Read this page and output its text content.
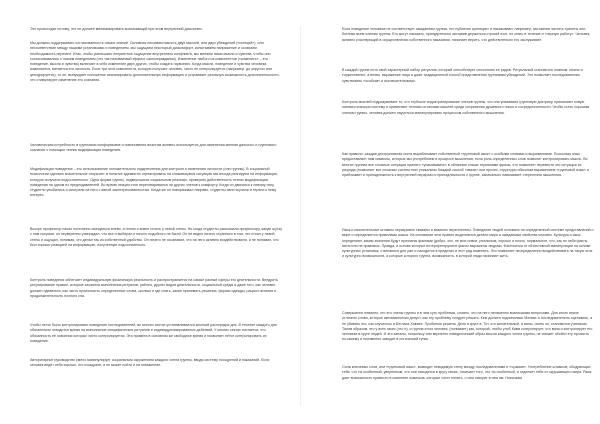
Это происходит потому, что он должен минимизировать возникающий при этом внутренний диссонанс.

Мы должны поддерживать согласованность наших знаний. Основная несовместимость двух мыслей, или двух убеждений («когнций»), или несоответствие между нашими установками и поведением, мы ощущаем некоторый дискомфорт, испытываем напряжение и осознаем необходимость перемен. Итак, чтобы уменьшить неприятное ощущение внутреннего конфликта, мы меняем наши мысли и чувства, чтобы они согласовывались с нашим поведением (что так называемый эффект самооправдания). Изменение любого из компонентов («изменить» – это поведение, мысли и чувства) включает в себя изменение двух других, чтобы создать гармонию. Когда мысли, поведение и чувства человека изменяются, меняется его личность. Если три этих компонента, которую получает человек, чисто не контролируется (например, до упругого или цензурируется), то он, вынуждает положение анализировать дополнительную информацию и устраивает реальную возможность дополнительности, что стимулирует изменение его сознания.

Человеческая потребность в групповом конформизме и повиновении властям активно используется для изменения мнения дального и группового сознания с помощью техник модификации поведения.

Модификация поведения – это использование положительного подкрепления для контроля и изменения личности (или группы). В социальной психологии сделано значительное открытие: в попытке адекватно отреагировать на сложившуюся ситуацию мы иногда реагируем на информацию, которую получили подсознательно. Одна форма группы, подвергшихся социальным реалиям, проверить действенность техник модификации поведения на одном из предподавателей. Во время лекции стоя переговаривался ли других членов к комфорту. Когда он двигался к левому окну, студенты улыбались и смотрели на него с явной заинтересованностью. Когда же он поворачивал направо, студенты явно скучали и теряли к нему интерес.

Вскоре профессор начал постоянно смещаться влево, а потом и вовсе стоять у левой стены. Но когда студенты рассказали профессору, какую шутку с ним сыграли, он неуверенно утверждал, что все и выбирал и ничего подобного не было! Он не видел ничего странного в том, что стоял у левой стены и ощущал, понимая, что делал так из собственной удобство. Он ничего не осознавал, что на него активно воздействовали, и не понимал, что был хорошо реакцией на информацию, полученную подсознательно.

Контроль поведения облегчает индивидуальную физическую реальность и распространяется на самые разные сферы его деятельности. Внедрить регулирование правил, которые касаются выполнения ритуалов, работы, других видов деятельности, социальной среды и даже того, как человек должен одеваться, как часто произносить определенные слова, сколько и где спать, какие принимать решения, формы одежды, рацион питания и продолжительность ночного сна.

Чтобы легче было контролировать поведение последователей, во многих сектах устанавливается жесткий распорядок дня. В течение каждого дня обязательно отводится время на выполнение специфических ритуалов и индивидуализированных действий. У многих сектах считается, что обязанность её освоения которых чисто контролируется. Эта примета в основном же свободное время и позволяет легче контролировать их поведение.

Авторитарное руководство умело манипулирует социальным окружением каждого члена группы, вводя систему поощрений и наказаний. Если человек ведёт себя хорошо, его поощряют, а он может пойти и на повышение.

Если поведение человека не соответствует ожиданиям группы, его публично критикуют и наказывают, например, заставляя чистить туалеты или ботинки всем членам группы. Его могут наказать, принудительно заставив держаться строгий пост, не спать в течение и «черную работу». Человек, активно участвующий в осуществлении собственного наказания, начинает верить, что действительно его заслуживает.

В каждой группе есть свой характерный набор ритуалов, который способствует сплочению ее рядов. Ритуальный становится ложным, нежно и торжественно, а вновь, выражение лица и даже традиционный способ представления групповым убеждений. Это позволяет последователям чувствовать «особым» и исключительными.

Контроль мыслей подразумевает то, что глубокое индоктринирование членов группы, что они усваивают групповую доктрину, принимают новую лингвистическую систему и применяют техники остановки мыслей среди сохранения душевного покоя и сосредоточенности. Чтобы стать хорошим членом группы, человек должен научиться манипулировать процессом собственного мышления.

Как правило, каждая деструктивная секта вырабатывает собственный «групповой язык» с особыми словами и выражениями. Поскольку язык предоставляет нам символы, которые мы употребляем в процессе мышления, если роль определенных слов позволит контролировать мысль. Во многих группах все сложные ситуации принято «упаковывать» в облачные клише терминами фразы, что позволяет перевести эти ситуации из разряда (позволяет все сложных систем этих уникальны Каждый способ «связи» или прочих, структуры обычным выражением «групповой язык» и приближает и принадлежность к внутренней иерархии и принадлежности к группе, изначально навязывает стереотипы мышления.

Язык и мыслительные штампы неразрывно связаны и взаимно переплетены. Поведение людей основано на определенной системе представлений о мире и определяется правилами языка. На основании этих правил выделяются детали мира и ожидаемые свойства человек. Культура и язык определяют, каким значения будут признаны фактами (добро, зло, не мое-новое, реальным, хорошо и плохо, нормальное, что, как по себя факты меня или не правовых. Правда, и основе которых интерпретируются факты выражены людьми. Фактически от объективной манипуляции на основе культурных установок, становятся для уже и находится в пределах в этот ряд изменять. Это позволяет неопределенно воздействовать на такую этих и культурно возможности, а которые которого группа, возможность, в которой люди начинают жить.

Совершенно невинно, кто это члены группы и в чем суть проблемы, словно, что на него неизменно возникшими вопросами. Для иного иначе отличить слово, которое автоматически допуст, как эту проблему следует решать. Кем должен подчинялась Мехвах и последовательно оценивать, а не убивать его, как случилось в Бегласа Хавнее. Проблема решена. Дело в круге в. Тот, кто желательный, а вины, очень он, становится учеником. Таким образом, это у всех таких (что и), и группа этого человек, (понимает) как, который, чтобы улоб Кавм контролирует, что вина и контролирует его человека в круге людей. И это каналы, поскольку или вероятно поведенческий образ мысли каждого члена группы, не сможет обойти эту пропасть по-своему и неизменно заводит в логический тупик.

Сила ключевых слов, или «групповой язык», возводит невидимую стену между последователями и «чужими». Употребление штампов, ободряющих тебя, что ты особенный, уверенным, что они находятся в кругу своих, отмечает того, что ты особенный, и отделяет тебя от окружающего мира. Язык дает возможность привести в смятение новичков, которые хотят понять, о чем говорит в чем им. Новичкам
